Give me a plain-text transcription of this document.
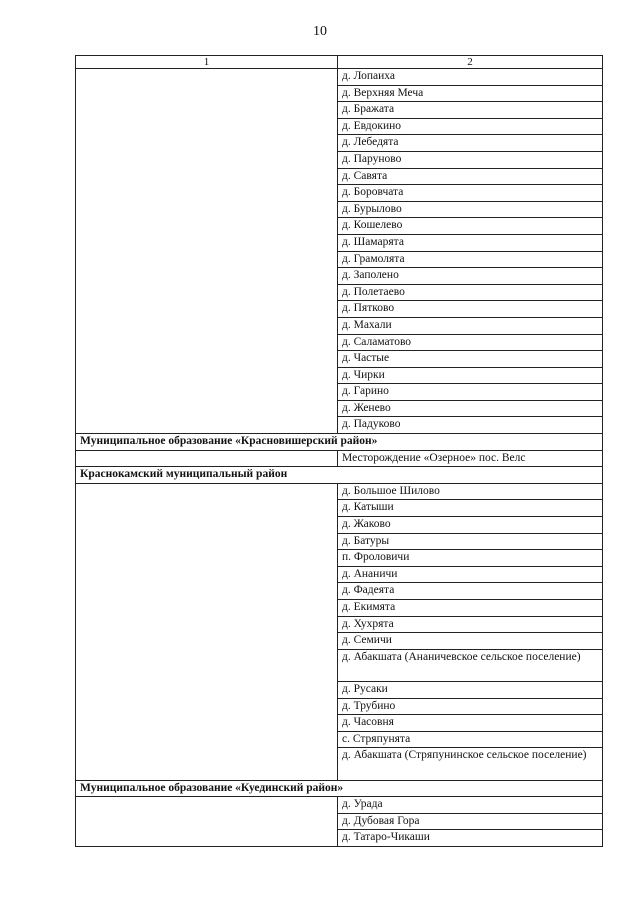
10
1	2
	д. Лопаиха
	д. Верхняя Меча
	д. Бражата
	д. Евдокино
	д. Лебедята
	д. Паруново
	д. Савята
	д. Боровчата
	д. Бурылово
	д. Кошелево
	д. Шамарята
	д. Грамолята
	д. Заполено
	д. Полетаево
	д. Пятково
	д. Махали
	д. Саламатово
	д. Частые
	д. Чирки
	д. Гарино
	д. Женево
	д. Падуково
Муниципальное образование «Красновишерский район»	
	Месторождение «Озерное» пос. Велс
Краснокамский муниципальный район	
	д. Большое Шилово
	д. Катыши
	д. Жаково
	д. Батуры
	п. Фроловичи
	д. Ананичи
	д. Фадеята
	д. Екимята
	д. Хухрята
	д. Семичи
	д. Абакшата (Ананичевское сельское поселение)
	д. Русаки
	д. Трубино
	д. Часовня
	с. Стряпунята
	д. Абакшата (Стряпунинское сельское поселение)
Муниципальное образование «Куединский район»	
	д. Урада
	д. Дубовая Гора
	д. Татаро-Чикаши
